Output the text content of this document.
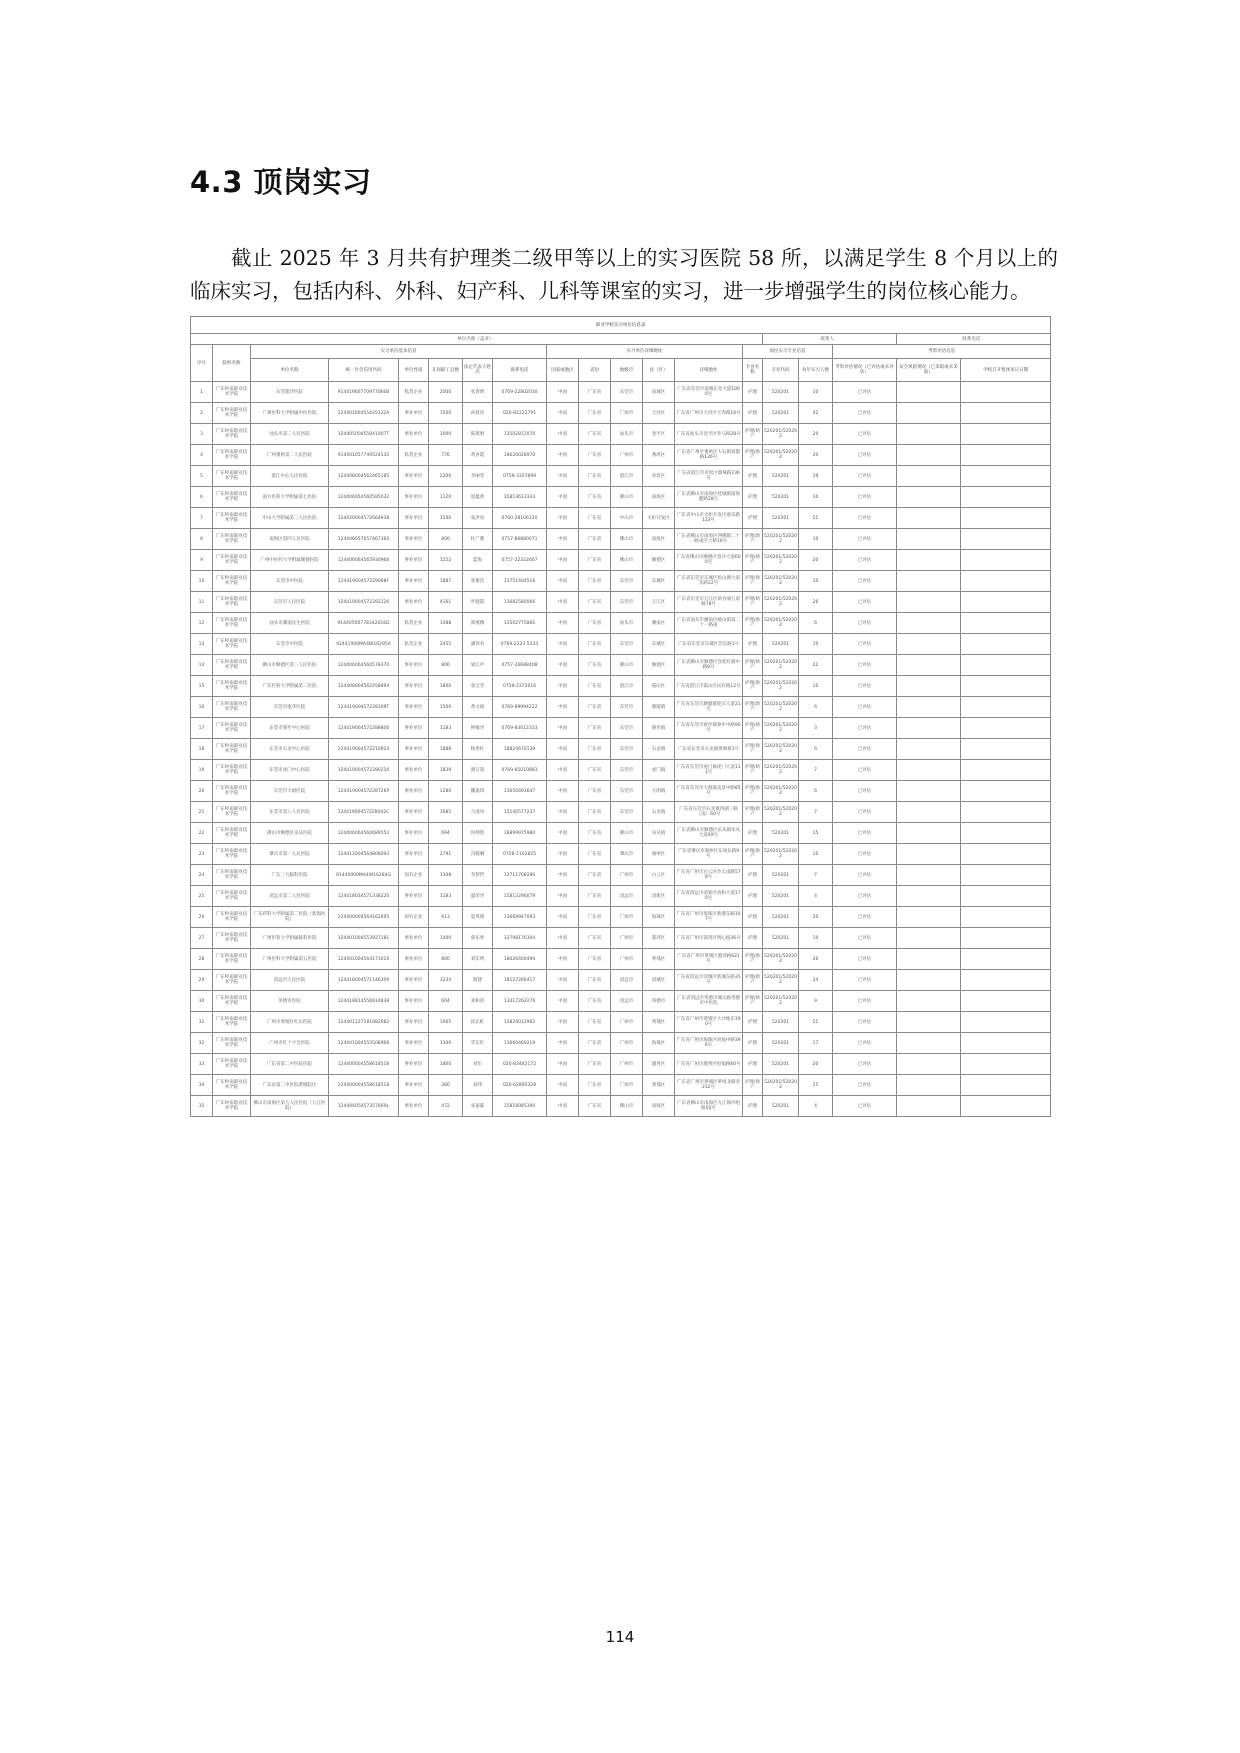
4.3 顶岗实习

截止 2025 年 3 月共有护理类二级甲等以上的实习医院 58 所，以满足学生 8 个月以上的临床实习，包括内科、外科、妇产科、儿科等课室的实习，进一步增强学生的岗位核心能力。

职业学校实习单位信息表																		
单位名称（盖章）：														联系人：			联系电话：	
序号	院校名称	实习单位基本信息						实习单位详细地址					岗位实习专业信息			考察评估信息		
		单位名称	统一社会信用代码	单位性质	在岗职工总数	法定代表人姓名	联系电话	国家或地区	省份	地级市	县（区）	详细地址	专业名称	专业代码	每年实习人数	考察评估情况（已评估或未评估）	安全风险情况（已采取或未采取）	学校召开集体审议日期
1	广东岭南职业技术学院	东莞康华医院	91441900770977066B	私营企业	2000	张春明	0769-22802030	中国	广东省	东莞市	南城区	广东省东莞市南城东莞大道1000号	护理	520201	10	已评估		
2	广东岭南职业技术学院	广州医科大学附属中医医院	12440100455435122A	事业单位	1500	孙晨洋	020-81222791	中国	广东省	广州市	天河区	广东省广州市天河区天寿路16号	护理	520201	42	已评估		
3	广东岭南职业技术学院	汕头市第二人民医院	12440500455941907T	事业单位	1000	陈燕娟	13502872070	中国	广东省	汕头市	金平区	广东省汕头市金平区外马路28号	护理/助产	520201/520202	20	已评估		
4	广东岭南职业技术学院	广州番禺第二人民医院	914401057749524135	私营企业	776	黄喜霞	18620028970	中国	广东省	广州市	番禺区	广东省广州市番禺区大石街富都路126号	护理/助产	520201/520202	20	已评估		
5	广东岭南职业技术学院	湛江中心人民医院	124408004562465185	事业单位	2200	李丽雯	0759-3357899	中国	广东省	湛江市	赤坎区	广东省湛江市赤坎区源珠路236号	护理	520201	19	已评估		
6	广东岭南职业技术学院	南方医科大学附属第七医院	124406054560595032	事业单位	1120	庞蕴蕾	15813613333	中国	广东省	佛山市	南海区	广东省佛山市南海区桂城街道保健路28号	护理	520201	10	已评估		
7	广东岭南职业技术学院	中山大学附属第三人民医院	124420004572664938	事业单位	1500	张洪亮	0760-28106120	中国	广东省	中山市	火炬开发区	广东省中山市火炬开发区康乐路123号	护理	520201	21	已评估		
8	广东岭南职业技术学院	南海区第四人民医院	124406057657467360	事业单位	800	杜广雅	0757-86880071	中国	广东省	佛山市	南海区	广东省佛山市南海区西樵镇二十一路南区大桥10号	护理/助产	520201/520202	10	已评估		
9	广东岭南职业技术学院	广州中医药大学附属顺德医院	124406064565930966	事业单位	1252	蓝海	0757-22322607	中国	广东省	佛山市	顺德区	广东省佛山市顺德区容沙大道600号	护理/助产	520201/520202	20	已评估		
10	广东岭南职业技术学院	东莞市中医院	12441900457229088F	事业单位	1887	张俊浩	13751404516	中国	广东省	东莞市	东城区	广东省东莞市东城区松山湖大道东路22号	护理/助产	520201/520202	10	已评估		
11	广东岭南职业技术学院	东莞市人民医院	124419004572282226	事业单位	4161	叶晓霞	13682580066	中国	广东省	东莞市	万江区	广东省东莞市万江区新谷涌万道路78号	护理/助产	520201/520202	26	已评估		
12	广东岭南职业技术学院	汕头市潮南民生医院	91440500778342016D	私营企业	1088	郑燕娥	13502775860	中国	广东省	汕头市	潮南区	广东省汕头市潮南区峡山街道二十一路南	护理/助产	520201/520202	6	已评估		
13	广东岭南职业技术学院	东莞市中医院	92441900MA4W16295A	私营企业	2455	潘伟名	0769-2223 5333	中国	广东省	东莞市	东城区	广东省东莞市东城区莞长路1号	护理	520201	10	已评估		
14	广东岭南职业技术学院	佛山市顺德区第三人民医院	124406064560578370	事业单位	806	梁江声	0757-26688408	中国	广东省	佛山市	顺德区	广东省佛山市顺德区容桂红旗中路8号	护理/助产	520201/520202	22	已评估		
15	广东岭南职业技术学院	广东医科大学附属第二医院	124408004562458894	事业单位	1800	张宝芳	0759-2372016	中国	广东省	湛江市	霞山区	广东省湛江市霞山区民有路12号	护理/助产	520201/520202	10	已评估		
16	广东岭南职业技术学院	东莞市康华医院	12441900457228309T	事业单位	1500	黄文斌	0769-89994222	中国	广东省	东莞市	塘厦镇	广东省东莞市塘厦镇迎宾大道21号	护理/助产	520201/520202	6	已评估		
17	广东岭南职业技术学院	东莞市寮步中心医院	124419004572288806	事业单位	1183	钟敏华	0769-83012333	中国	广东省	东莞市	寮步镇	广东省东莞市寮步镇寮步中路90号	护理/助产	520201/520202	3	已评估		
18	广东岭南职业技术学院	东莞市石龙中心医院	124419004572210924	事业单位	1888	杨秀红	18824670139	中国	广东省	东莞市	石龙镇	广东省东莞市石龙镇黄洲祖1号	护理/助产	520201/520202	6	已评估		
19	广东岭南职业技术学院	东莞市虎门中心医院	124419004572280210	事业单位	1839	谢日超	0769-85010883	中国	广东省	东莞市	虎门镇	广东省东莞市虎门镇虎门大道111号	护理/助产	520201/520202	7	已评估		
20	广东岭南职业技术学院	东莞市大朗医院	12441900457228726P	事业单位	1280	魏嘉琪	13650493647	中国	广东省	东莞市	大朗镇	广东省东莞市大朗镇美景中路85号	护理/助产	520201/520202	6	已评估		
21	广东岭南职业技术学院	东莞市第八人民医院	12441900457228042C	事业单位	1685	马凌凤	15140577237	中国	广东省	东莞市	石龙镇	广东省东莞市石龙镇西湖三路（南）60号	护理/助产	520201/520202	7	已评估		
22	广东岭南职业技术学院	佛山市顺德区乐从医院	124406064560689553	事业单位	694	何炳韵	18899975980	中国	广东省	佛山市	乐从镇	广东省佛山市顺德区乐从镇乐从大道49号	护理	520201	15	已评估		
23	广东岭南职业技术学院	肇庆市第一人民医院	124412004564808093	事业单位	2791	冯晓琳	0758-2102825	中国	广东省	肇庆市	端州区	广东省肇庆市端州区东岗东路9号	护理/助产	520201/520202	10	已评估		
24	广东岭南职业技术学院	广东三九脑科医院	91440000MA4W16284G	国有企业	1308	李智哲	13711708286	中国	广东省	广州市	白云区	广东省广州市白云区沙太南路578号	护理	520201	7	已评估		
25	广东岭南职业技术学院	清远市第二人民医院	124418034571338220	事业单位	1183	温荣华	15813296079	中国	广东省	清远市	清新区	广东省清远市清新区清和大道170号	护理	520201	4	已评估		
26	广东岭南职业技术学院	广东药科大学附属第二医院（新海医院）	124400004564162695	国有企业	613	夏英瑞	13669947093	中国	广东省	广州市	海珠区	广东省广州市海珠区新港东路107号	护理	520201	20	已评估		
27	广东岭南职业技术学院	广州医科大学附属脑科医院	124401004553927181	事业单位	1400	蔡乐欣	13798176304	中国	广东省	广州市	荔湾区	广东省广州市荔湾区明心路36号	护理	520201	10	已评估		
28	广东岭南职业技术学院	广州医科大学附属第五医院	124401004564171010	事业单位	800	刘东明	18026400499	中国	广东省	广州市	黄埔区	广东省广州市黄埔区港湾路621号	护理/助产	520201/520202	26	已评估		
29	广东岭南职业技术学院	清远市人民医院	124418004571146309	事业单位	3234	殷建	18127266417	中国	广东省	清远市	清城区	广东省清远市清城区新城东路35号	护理/助产	520201/520202	24	已评估		
30	广东岭南职业技术学院	英德市医院	124418814556614838	事业单位	604	刘和萍	13417262276	中国	广东省	清远市	英德市	广东省清远市英德市城关路英德市中医院	护理/助产	520201/520202	9	已评估		
31	广东岭南职业技术学院	广州市黄埔区红山医院	124401127181982682	事业单位	1005	崔长虹	13824012962	中国	广东省	广州市	黄埔区	广东省广州市黄埔区大沙地东190号	护理	520201	21	已评估		
32	广东岭南职业技术学院	广州市红十字会医院	124401004553508968	事业单位	1300	华东红	13660469219	中国	广东省	广州市	海珠区	广东省广州市海珠区同福中路396号	护理	520201	17	已评估		
33	广东岭南职业技术学院	广东省第二中医院住院	124400004558618518	事业单位	1800	刘军	020-83482172	中国	广东省	广州市	越秀区	广东省广州市越秀区恒福路60号	护理	520201	20	已评估		
34	广东岭南职业技术学院	广东省第二中医院黄埔院区	124400004558618518	事业单位	380	刘伟	020-62895328	中国	广东省	广州市	黄埔区	广东省广州市黄埔区萝岗北路旁212号	护理/助产	520201/520202	25	已评估		
35	广东岭南职业技术学院	佛山市南海区第九人民医院（九江医院）	12440605457357669L	事业单位	472	张嘉霖	15818085390	中国	广东省	佛山市	南海区	广东省佛山市南海区九江镇沙咀路50号	护理	520201	4	已评估		
114
